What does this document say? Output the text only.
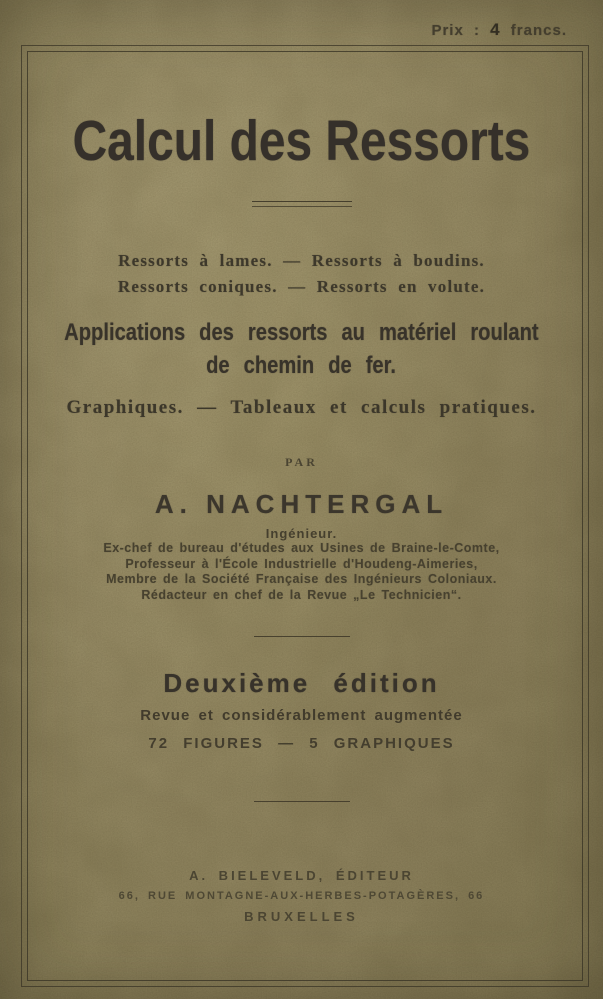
Prix : 4 francs.
Calcul des Ressorts
Ressorts à lames. — Ressorts à boudins.
Ressorts coniques. — Ressorts en volute.
Applications des ressorts au matériel roulant
de chemin de fer.
Graphiques. — Tableaux et calculs pratiques.
PAR
A. NACHTERGAL
Ingénieur.
Ex-chef de bureau d'études aux Usines de Braine-le-Comte,
Professeur à l'École Industrielle d'Houdeng-Aimeries,
Membre de la Société Française des Ingénieurs Coloniaux.
Rédacteur en chef de la Revue „Le Technicien“.
Deuxième édition
Revue et considérablement augmentée
72 FIGURES — 5 GRAPHIQUES
A. BIELEVELD, ÉDITEUR
66, RUE MONTAGNE-AUX-HERBES-POTAGÈRES, 66
BRUXELLES
